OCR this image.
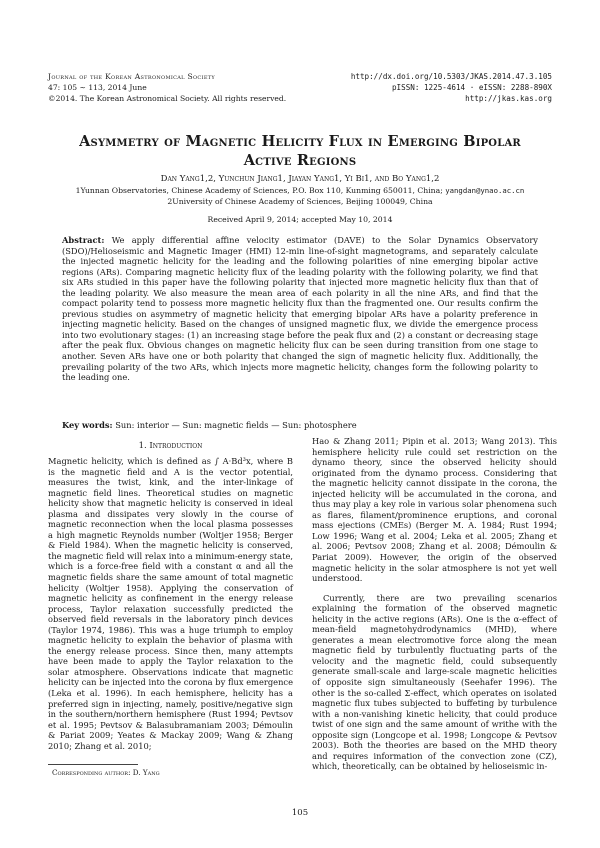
Journal of the Korean Astronomical Society
47: 105 ∼ 113, 2014 June
©2014. The Korean Astronomical Society. All rights reserved.
http://dx.doi.org/10.5303/JKAS.2014.47.3.105
pISSN: 1225-4614 · eISSN: 2288-890X
http://jkas.kas.org
Asymmetry of Magnetic Helicity Flux in Emerging Bipolar
Active Regions
Dan Yang1,2, Yunchun Jiang1, Jiayan Yang1, Yi Bi1, and Bo Yang1,2
1Yunnan Observatories, Chinese Academy of Sciences, P.O. Box 110, Kunming 650011, China; yangdan@ynao.ac.cn
2University of Chinese Academy of Sciences, Beijing 100049, China
Received April 9, 2014; accepted May 10, 2014
Abstract: We apply differential affine velocity estimator (DAVE) to the Solar Dynamics Observatory (SDO)/Helioseismic and Magnetic Imager (HMI) 12-min line-of-sight magnetograms, and separately calculate the injected magnetic helicity for the leading and the following polarities of nine emerging bipolar active regions (ARs). Comparing magnetic helicity flux of the leading polarity with the following polarity, we find that six ARs studied in this paper have the following polarity that injected more magnetic helicity flux than that of the leading polarity. We also measure the mean area of each polarity in all the nine ARs, and find that the compact polarity tend to possess more magnetic helicity flux than the fragmented one. Our results confirm the previous studies on asymmetry of magnetic helicity that emerging bipolar ARs have a polarity preference in injecting magnetic helicity. Based on the changes of unsigned magnetic flux, we divide the emergence process into two evolutionary stages: (1) an increasing stage before the peak flux and (2) a constant or decreasing stage after the peak flux. Obvious changes on magnetic helicity flux can be seen during transition from one stage to another. Seven ARs have one or both polarity that changed the sign of magnetic helicity flux. Additionally, the prevailing polarity of the two ARs, which injects more magnetic helicity, changes form the following polarity to the leading one.
Key words: Sun: interior — Sun: magnetic fields — Sun: photosphere
1. Introduction

Magnetic helicity, which is defined as ∫ A·Bd³x, where B is the magnetic field and A is the vector potential, measures the twist, kink, and the inter-linkage of magnetic field lines. Theoretical studies on magnetic helicity show that magnetic helicity is conserved in ideal plasma and dissipates very slowly in the course of magnetic reconnection when the local plasma possesses a high magnetic Reynolds number (Woltjer 1958; Berger & Field 1984). When the magnetic helicity is conserved, the magnetic field will relax into a minimum-energy state, which is a force-free field with a constant α and all the magnetic fields share the same amount of total magnetic helicity (Woltjer 1958). Applying the conservation of magnetic helicity as confinement in the energy release process, Taylor relaxation successfully predicted the observed field reversals in the laboratory pinch devices (Taylor 1974, 1986). This was a huge triumph to employ magnetic helicity to explain the behavior of plasma with the energy release process. Since then, many attempts have been made to apply the Taylor relaxation to the solar atmosphere. Observations indicate that magnetic helicity can be injected into the corona by flux emergence (Leka et al. 1996). In each hemisphere, helicity has a preferred sign in injecting, namely, positive/negative sign in the southern/northern hemisphere (Rust 1994; Pevtsov et al. 1995; Pevtsov & Balasubramaniam 2003; Démoulin & Pariat 2009; Yeates & Mackay 2009; Wang & Zhang 2010; Zhang et al. 2010;

Hao & Zhang 2011; Pipin et al. 2013; Wang 2013). This hemisphere helicity rule could set restriction on the dynamo theory, since the observed helicity should originated from the dynamo process. Considering that the magnetic helicity cannot dissipate in the corona, the injected helicity will be accumulated in the corona, and thus may play a key role in various solar phenomena such as flares, filament/prominence eruptions, and coronal mass ejections (CMEs) (Berger M. A. 1984; Rust 1994; Low 1996; Wang et al. 2004; Leka et al. 2005; Zhang et al. 2006; Pevtsov 2008; Zhang et al. 2008; Démoulin & Pariat 2009). However, the origin of the observed magnetic helicity in the solar atmosphere is not yet well understood.

Currently, there are two prevailing scenarios explaining the formation of the observed magnetic helicity in the active regions (ARs). One is the α-effect of mean-field magnetohydrodynamics (MHD), where generates a mean electromotive force along the mean magnetic field by turbulently fluctuating parts of the velocity and the magnetic field, could subsequently generate small-scale and large-scale magnetic helicities of opposite sign simultaneously (Seehafer 1996). The other is the so-called Σ-effect, which operates on isolated magnetic flux tubes subjected to buffeting by turbulence with a non-vanishing kinetic helicity, that could produce twist of one sign and the same amount of writhe with the opposite sign (Longcope et al. 1998; Longcope & Pevtsov 2003). Both the theories are based on the MHD theory and requires information of the convection zone (CZ), which, theoretically, can be obtained by helioseismic in-

Corresponding author: D. Yang
105
